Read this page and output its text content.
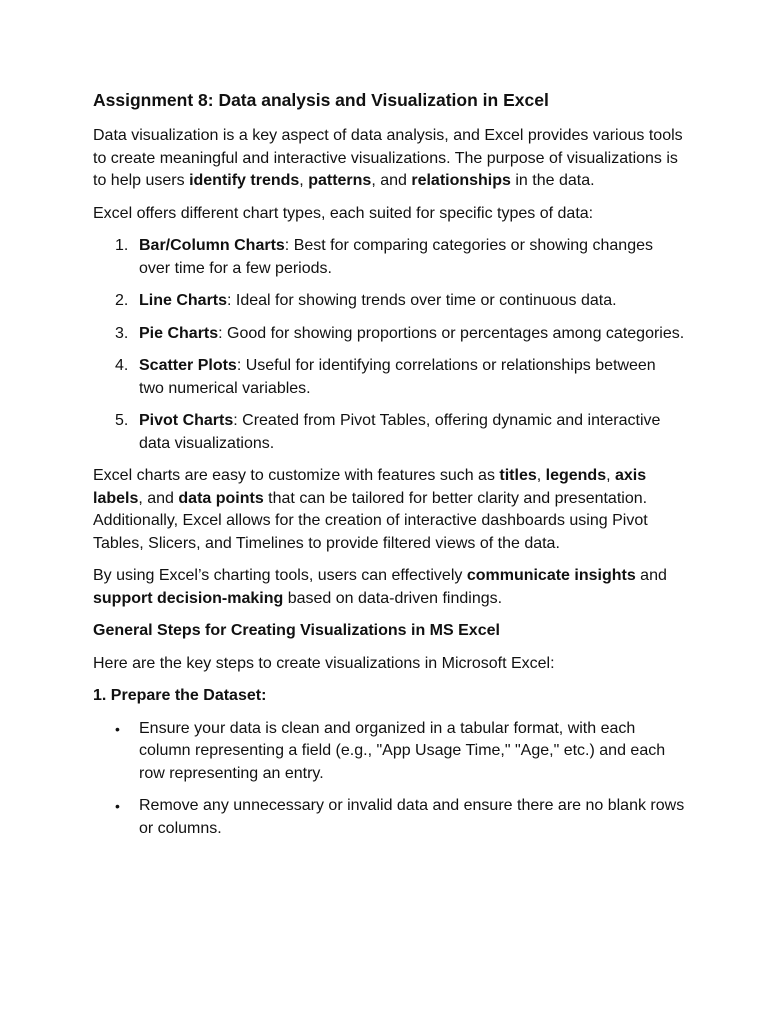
Assignment 8: Data analysis and Visualization in Excel

Data visualization is a key aspect of data analysis, and Excel provides various tools to create meaningful and interactive visualizations. The purpose of visualizations is to help users identify trends, patterns, and relationships in the data.

Excel offers different chart types, each suited for specific types of data:

1. Bar/Column Charts: Best for comparing categories or showing changes over time for a few periods.
2. Line Charts: Ideal for showing trends over time or continuous data.
3. Pie Charts: Good for showing proportions or percentages among categories.
4. Scatter Plots: Useful for identifying correlations or relationships between two numerical variables.
5. Pivot Charts: Created from Pivot Tables, offering dynamic and interactive data visualizations.

Excel charts are easy to customize with features such as titles, legends, axis labels, and data points that can be tailored for better clarity and presentation. Additionally, Excel allows for the creation of interactive dashboards using Pivot Tables, Slicers, and Timelines to provide filtered views of the data.

By using Excel’s charting tools, users can effectively communicate insights and support decision-making based on data-driven findings.

General Steps for Creating Visualizations in MS Excel

Here are the key steps to create visualizations in Microsoft Excel:

1. Prepare the Dataset:

• Ensure your data is clean and organized in a tabular format, with each column representing a field (e.g., "App Usage Time," "Age," etc.) and each row representing an entry.
• Remove any unnecessary or invalid data and ensure there are no blank rows or columns.
